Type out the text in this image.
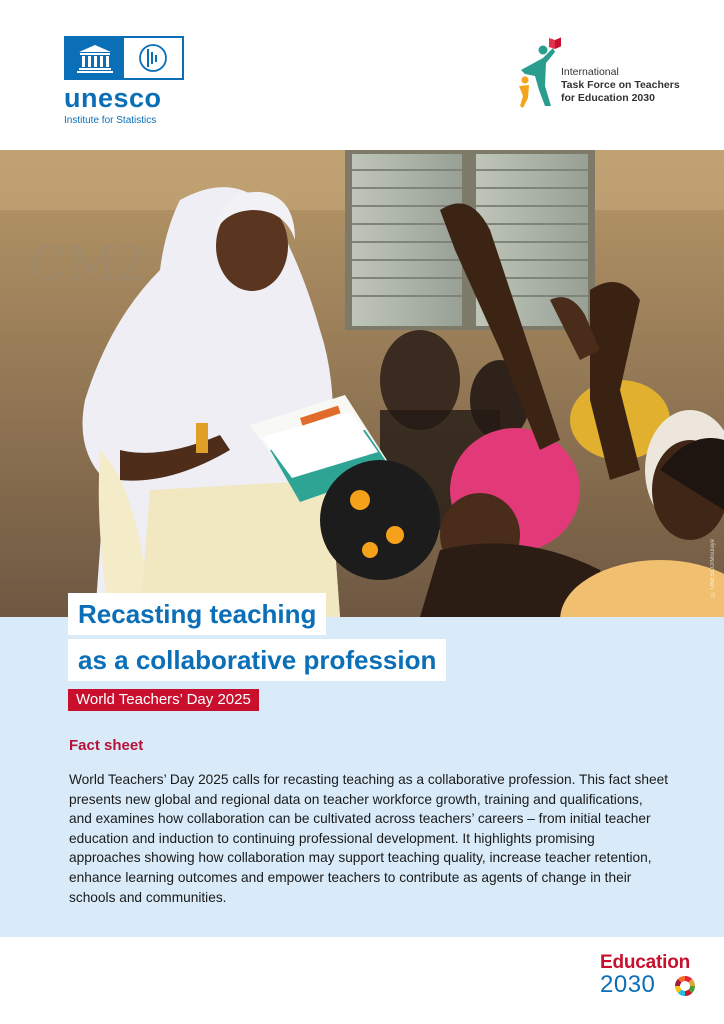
unesco
Institute for Statistics
International
Task Force on Teachers
for Education 2030
CM2
© UNESCO/Moulaye
Recasting teaching
as a collaborative profession
World Teachers’ Day 2025
Fact sheet
World Teachers’ Day 2025 calls for recasting teaching as a collaborative profession. This fact sheet presents new global and regional data on teacher workforce growth, training and qualifications, and examines how collaboration can be cultivated across teachers’ careers – from initial teacher education and induction to continuing professional development. It highlights promising approaches showing how collaboration may support teaching quality, increase teacher retention, enhance learning outcomes and empower teachers to contribute as agents of change in their schools and communities.
Education
2030
